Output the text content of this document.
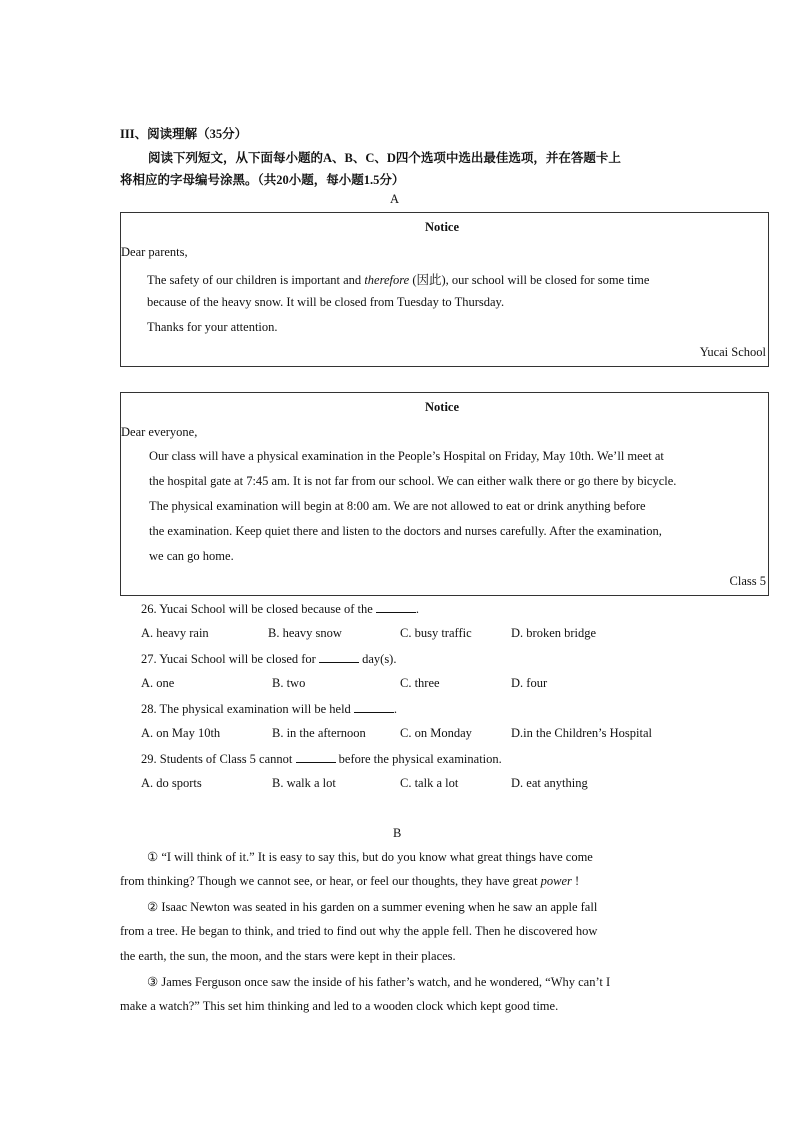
III、阅读理解（35分）
阅读下列短文，从下面每小题的A、B、C、D四个选项中选出最佳选项，并在答题卡上
将相应的字母编号涂黑。（共20小题，每小题1.5分）
A
Notice
Dear parents,
The safety of our children is important and therefore (因此), our school will be closed for some time
because of the heavy snow. It will be closed from Tuesday to Thursday.
Thanks for your attention.
Yucai School
Notice
Dear everyone,
Our class will have a physical examination in the People’s Hospital on Friday, May 10th. We’ll meet at
the hospital gate at 7:45 am. It is not far from our school. We can either walk there or go there by bicycle.
The physical examination will begin at 8:00 am. We are not allowed to eat or drink anything before
the examination. Keep quiet there and listen to the doctors and nurses carefully. After the examination,
we can go home.
Class 5
26. Yucai School will be closed because of the	.
A. heavy rain	B. heavy snow	C. busy traffic	D. broken bridge
27. Yucai School will be closed for	day(s).
A. one	B. two	C. three	D. four
28. The physical examination will be held	.
A. on May 10th	B. in the afternoon	C. on Monday	D.in the Children’s Hospital
29. Students of Class 5 cannot	before the physical examination.
A. do sports	B. walk a lot	C. talk a lot	D. eat anything
B
① “I will think of it.” It is easy to say this, but do you know what great things have come
from thinking? Though we cannot see, or hear, or feel our thoughts, they have great power !
② Isaac Newton was seated in his garden on a summer evening when he saw an apple fall
from a tree. He began to think, and tried to find out why the apple fell. Then he discovered how
the earth, the sun, the moon, and the stars were kept in their places.
③ James Ferguson once saw the inside of his father’s watch, and he wondered, “Why can’t I
make a watch?” This set him thinking and led to a wooden clock which kept good time.
